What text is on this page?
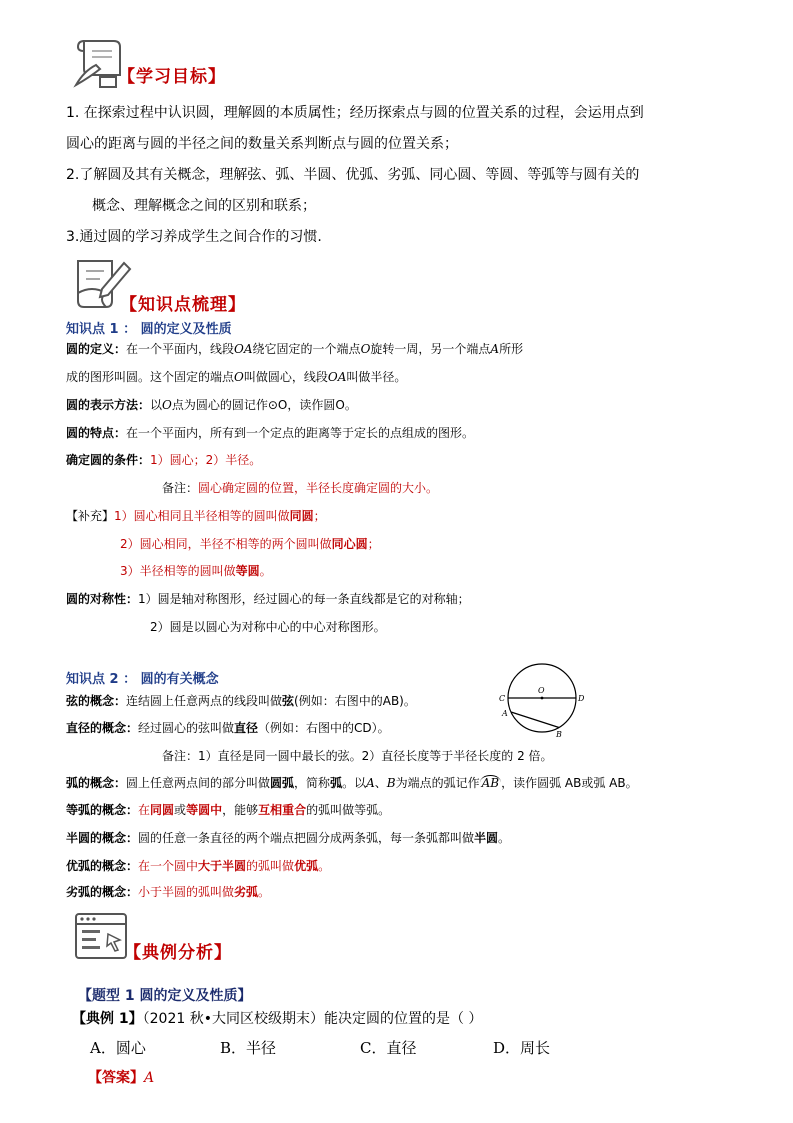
【学习目标】
1. 在探索过程中认识圆，理解圆的本质属性；经历探索点与圆的位置关系的过程，会运用点到
圆心的距离与圆的半径之间的数量关系判断点与圆的位置关系；
2.了解圆及其有关概念，理解弦、弧、半圆、优弧、劣弧、同心圆、等圆、等弧等与圆有关的
概念、理解概念之间的区别和联系；
3.通过圆的学习养成学生之间合作的习惯.
【知识点梳理】
知识点 1 ： 圆的定义及性质
圆的定义：在一个平面内，线段OA绕它固定的一个端点O旋转一周，另一个端点A所形
成的图形叫圆。这个固定的端点O叫做圆心，线段OA叫做半径。
圆的表示方法：以O点为圆心的圆记作⊙O，读作圆O。
圆的特点：在一个平面内，所有到一个定点的距离等于定长的点组成的图形。
确定圆的条件：1）圆心；2）半径。
备注：圆心确定圆的位置，半径长度确定圆的大小。
【补充】1）圆心相同且半径相等的圆叫做同圆；
2）圆心相同，半径不相等的两个圆叫做同心圆；
3）半径相等的圆叫做等圆。
圆的对称性：1）圆是轴对称图形，经过圆心的每一条直线都是它的对称轴；
2）圆是以圆心为对称中心的中心对称图形。
知识点 2 ： 圆的有关概念
弦的概念：连结圆上任意两点的线段叫做弦(例如：右图中的AB)。
直径的概念：经过圆心的弦叫做直径（例如：右图中的CD）。
备注：1）直径是同一圆中最长的弦。2）直径长度等于半径长度的 2 倍。
O
C	D
A
B
弧的概念：圆上任意两点间的部分叫做圆弧，简称弧。以A、B为端点的弧记作 AB ，读作圆弧 AB或弧 AB。
等弧的概念：在同圆或等圆中，能够互相重合的弧叫做等弧。
半圆的概念：圆的任意一条直径的两个端点把圆分成两条弧，每一条弧都叫做半圆。
优弧的概念：在一个圆中大于半圆的弧叫做优弧。
劣弧的概念：小于半圆的弧叫做劣弧。
【典例分析】
【题型 1 圆的定义及性质】
【典例 1】（2021 秋•大同区校级期末）能决定圆的位置的是（ ）
A．圆心	B．半径	C．直径	D．周长
【答案】A
